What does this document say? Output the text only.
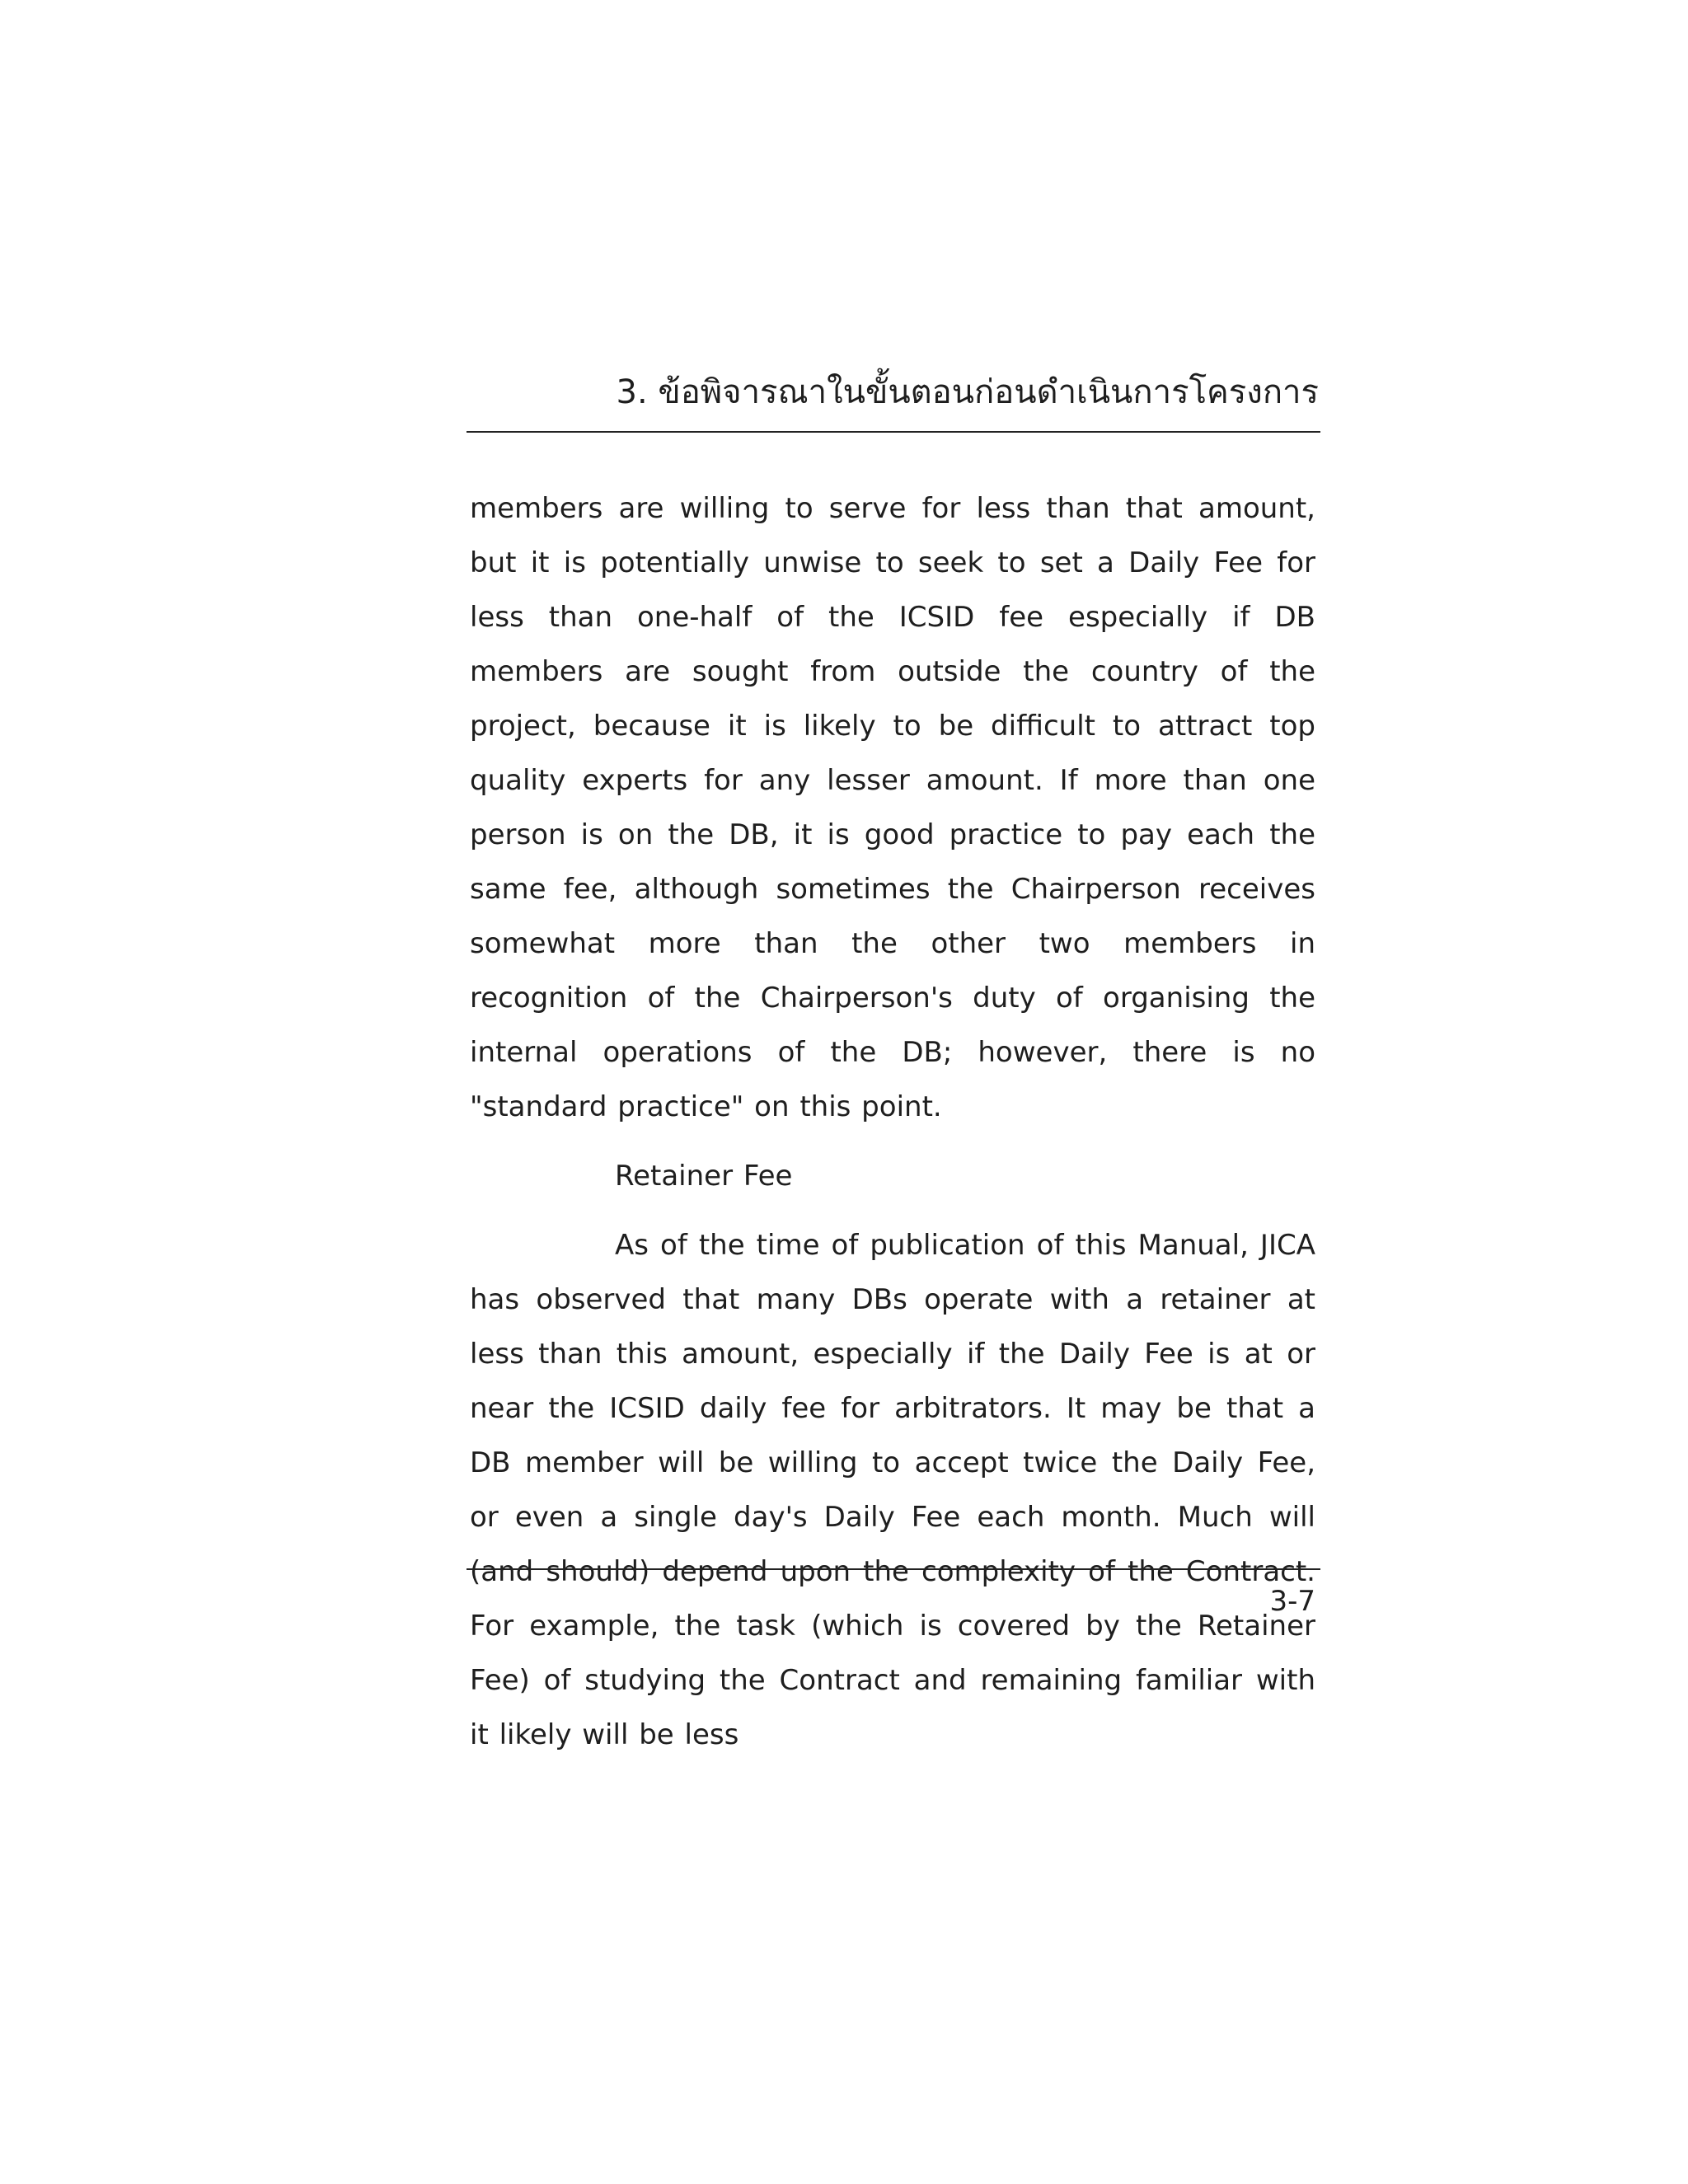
3. ข้อพิจารณาในขั้นตอนก่อนดำเนินการโครงการ

members are willing to serve for less than that amount, but it is potentially unwise to seek to set a Daily Fee for less than one-half of the ICSID fee especially if DB members are sought from outside the country of the project, because it is likely to be difficult to attract top quality experts for any lesser amount. If more than one person is on the DB, it is good practice to pay each the same fee, although sometimes the Chairperson receives somewhat more than the other two members in recognition of the Chairperson's duty of organising the internal operations of the DB; however, there is no "standard practice" on this point.

Retainer Fee

As of the time of publication of this Manual, JICA has observed that many DBs operate with a retainer at less than this amount, especially if the Daily Fee is at or near the ICSID daily fee for arbitrators. It may be that a DB member will be willing to accept twice the Daily Fee, or even a single day's Daily Fee each month. Much will (and should) depend upon the complexity of the Contract. For example, the task (which is covered by the Retainer Fee) of studying the Contract and remaining familiar with it likely will be less

3-7
